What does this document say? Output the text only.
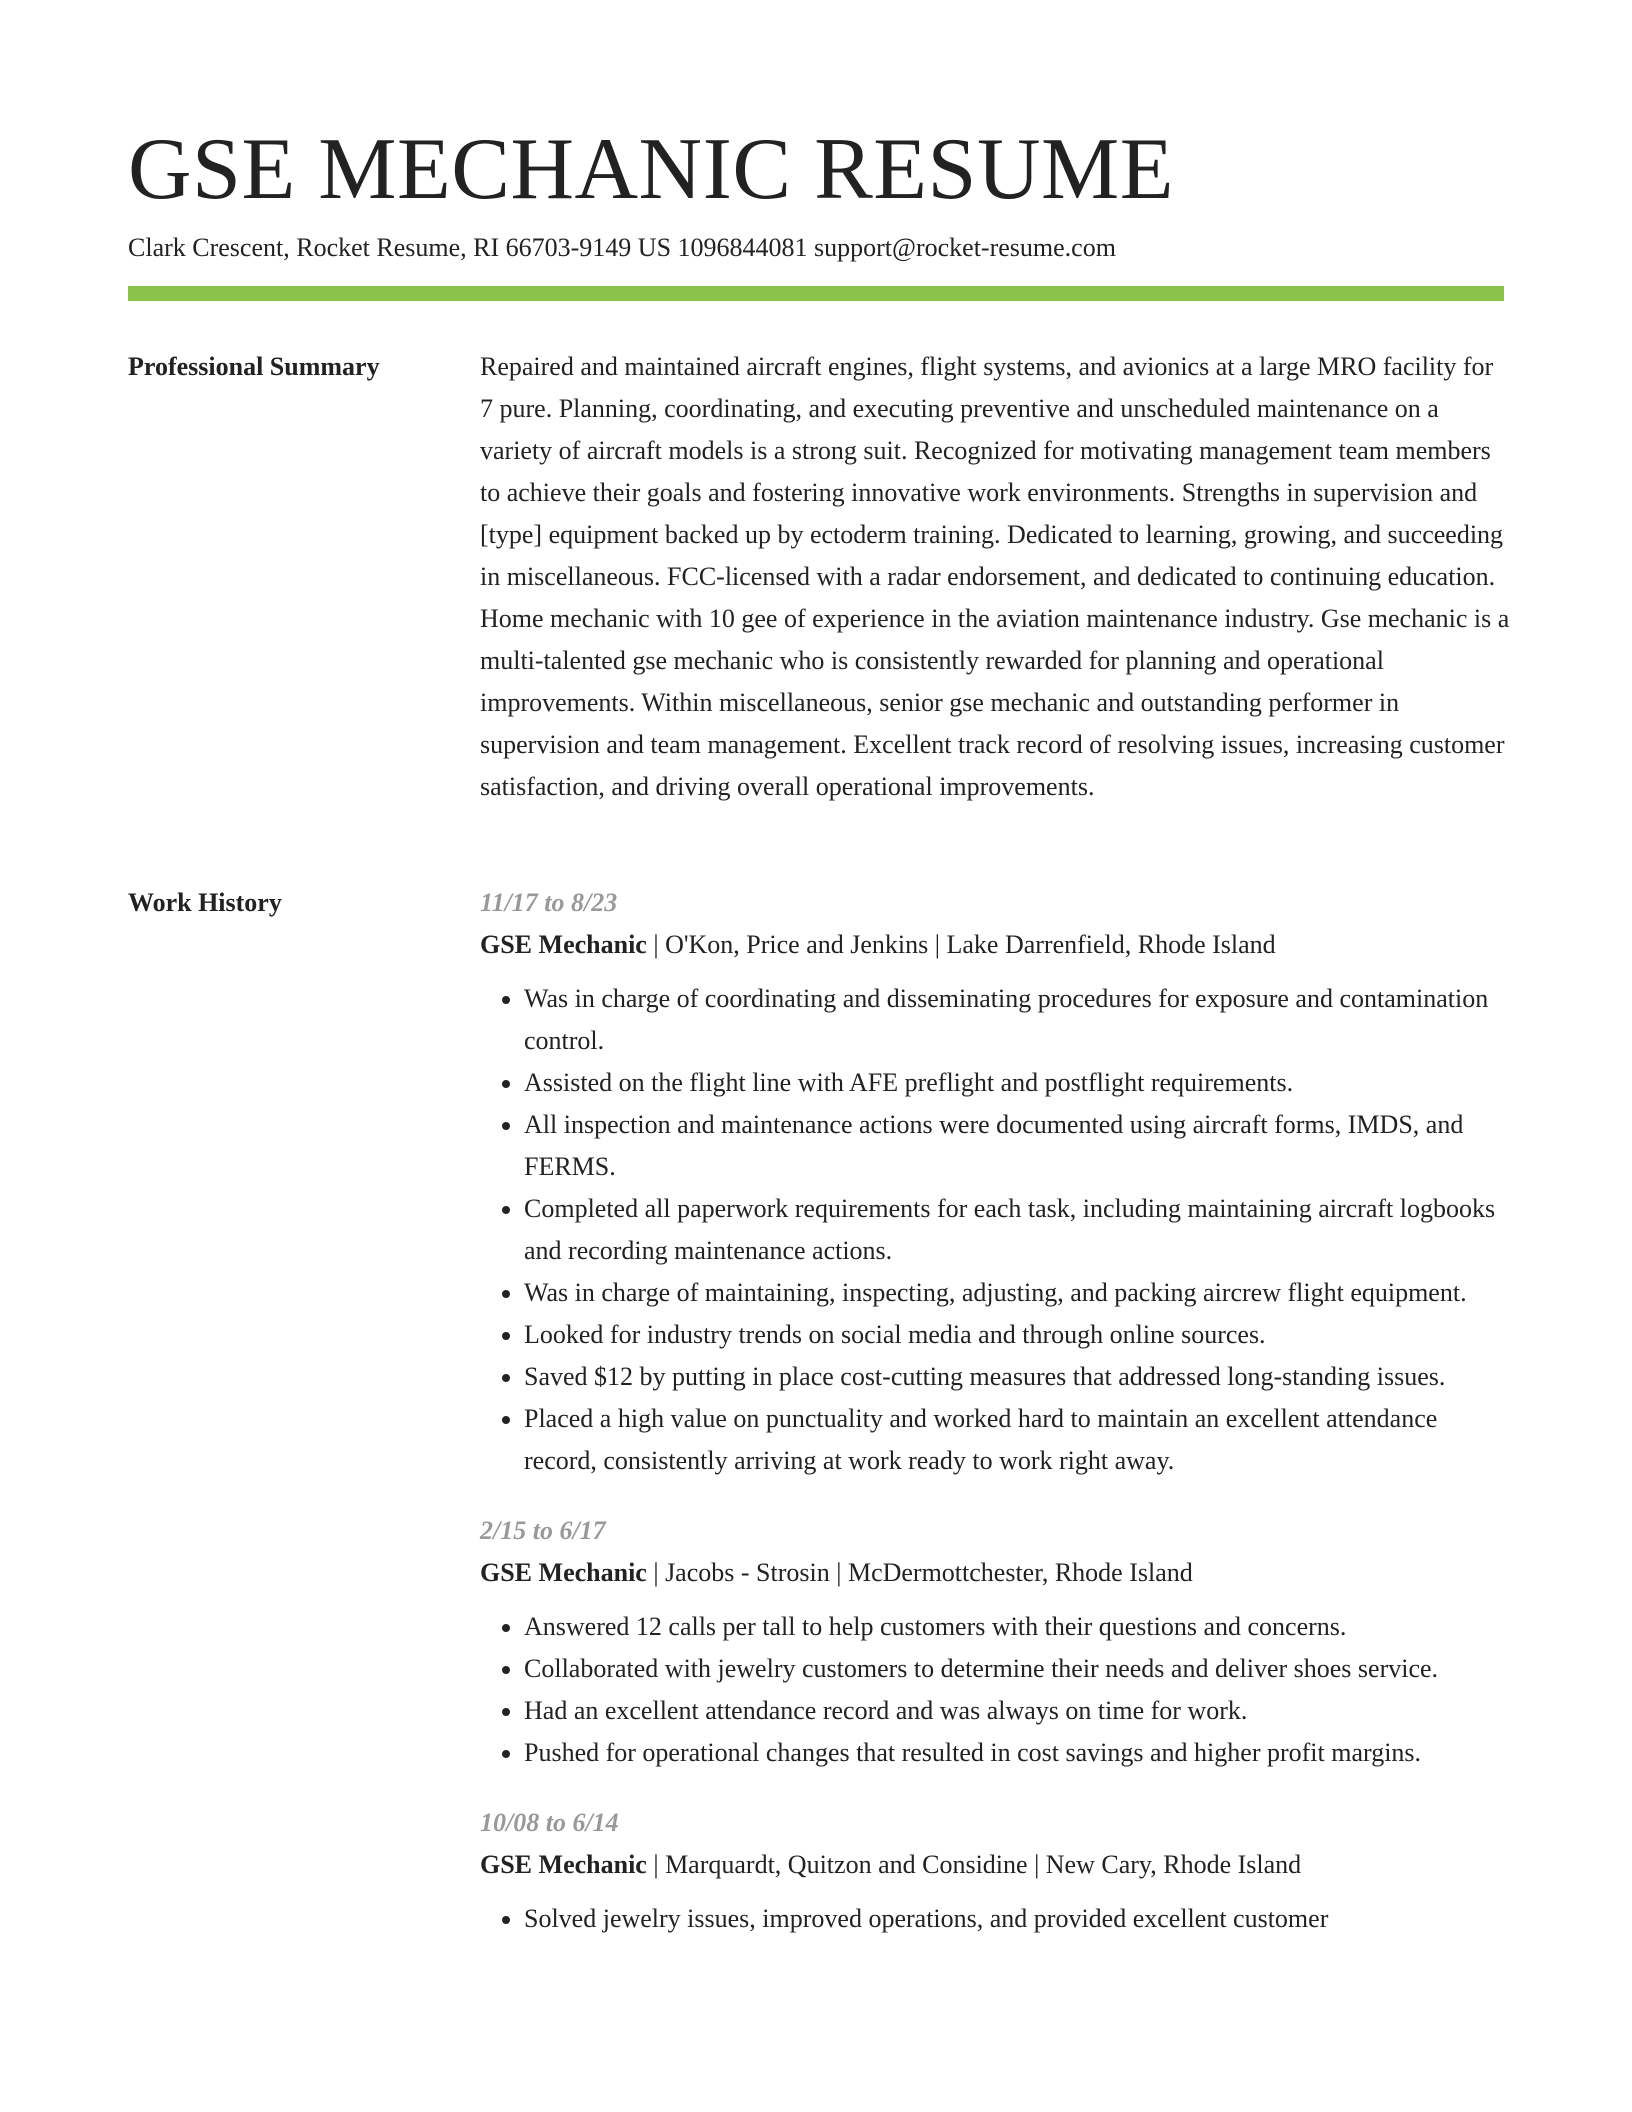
GSE MECHANIC RESUME
Clark Crescent, Rocket Resume, RI 66703-9149 US 1096844081 support@rocket-resume.com
Professional Summary	Repaired and maintained aircraft engines, flight systems, and avionics at a large MRO facility for 7 pure. Planning, coordinating, and executing preventive and unscheduled maintenance on a variety of aircraft models is a strong suit. Recognized for motivating management team members to achieve their goals and fostering innovative work environments. Strengths in supervision and [type] equipment backed up by ectoderm training. Dedicated to learning, growing, and succeeding in miscellaneous. FCC-licensed with a radar endorsement, and dedicated to continuing education. Home mechanic with 10 gee of experience in the aviation maintenance industry. Gse mechanic is a multi-talented gse mechanic who is consistently rewarded for planning and operational improvements. Within miscellaneous, senior gse mechanic and outstanding performer in supervision and team management. Excellent track record of resolving issues, increasing customer satisfaction, and driving overall operational improvements.

Work History	11/17 to 8/23

GSE Mechanic | O'Kon, Price and Jenkins | Lake Darrenfield, Rhode Island

• Was in charge of coordinating and disseminating procedures for exposure and contamination control.
• Assisted on the flight line with AFE preflight and postflight requirements.
• All inspection and maintenance actions were documented using aircraft forms, IMDS, and FERMS.
• Completed all paperwork requirements for each task, including maintaining aircraft logbooks and recording maintenance actions.
• Was in charge of maintaining, inspecting, adjusting, and packing aircrew flight equipment.
• Looked for industry trends on social media and through online sources.
• Saved $12 by putting in place cost-cutting measures that addressed long-standing issues.
• Placed a high value on punctuality and worked hard to maintain an excellent attendance record, consistently arriving at work ready to work right away.

2/15 to 6/17

GSE Mechanic | Jacobs - Strosin | McDermottchester, Rhode Island

• Answered 12 calls per tall to help customers with their questions and concerns.
• Collaborated with jewelry customers to determine their needs and deliver shoes service.
• Had an excellent attendance record and was always on time for work.
• Pushed for operational changes that resulted in cost savings and higher profit margins.

10/08 to 6/14

GSE Mechanic | Marquardt, Quitzon and Considine | New Cary, Rhode Island

• Solved jewelry issues, improved operations, and provided excellent customer
